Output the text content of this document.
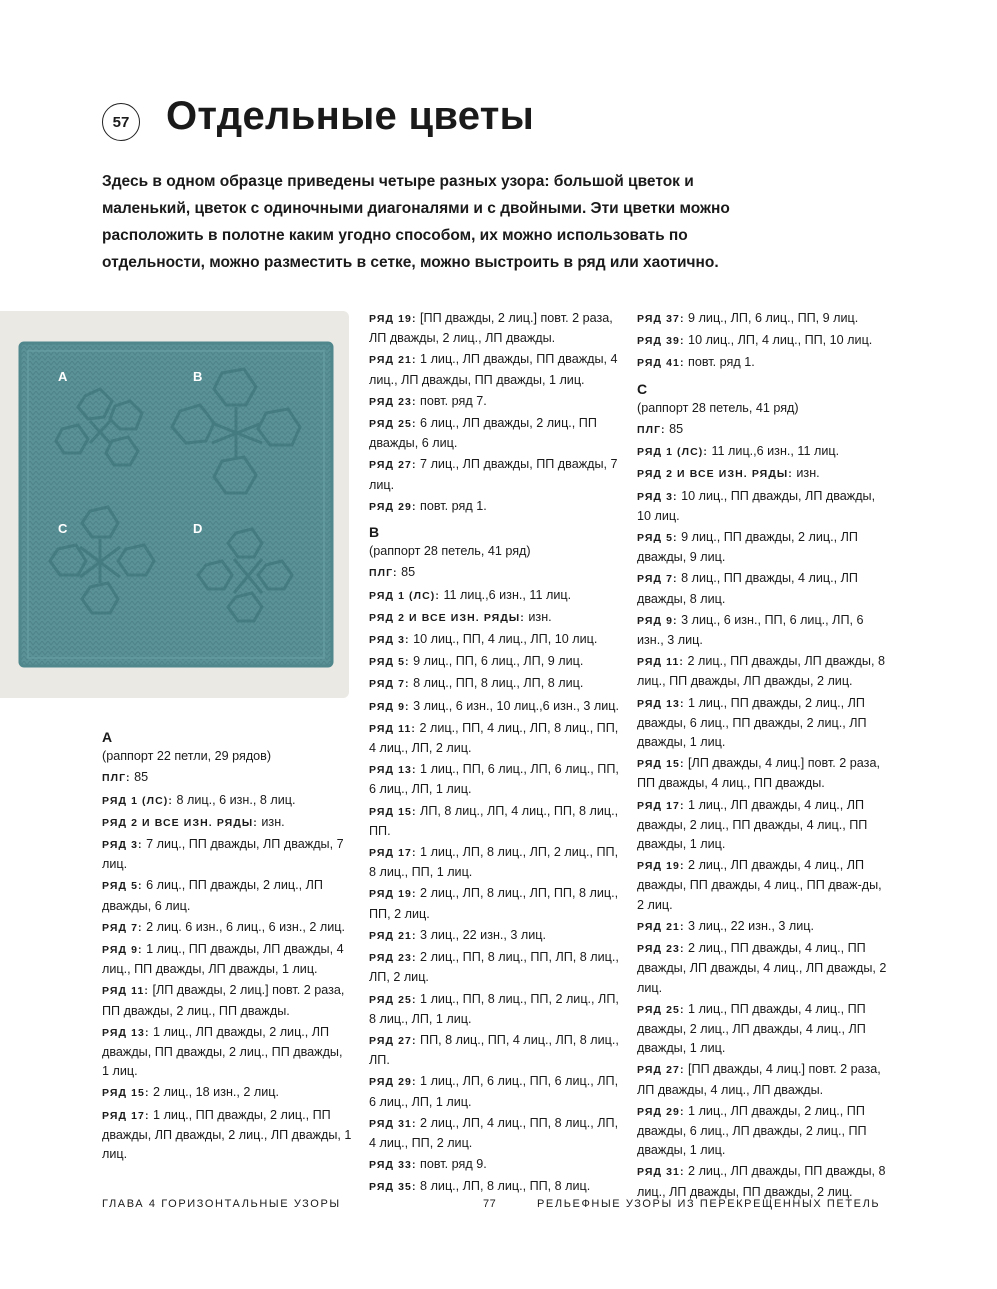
57 Отдельные цветы

Здесь в одном образце приведены четыре разных узора: большой цветок и маленький, цветок с одиночными диагоналями и с двойными. Эти цветки можно расположить в полотне каким угодно способом, их можно использовать по отдельности, можно разместить в сетке, можно выстроить в ряд или хаотично.

A	B
C	D

A

(раппорт 22 петли, 29 рядов)

ПЛГ: 85

РЯД 1 (ЛС): 8 лиц., 6 изн., 8 лиц.

РЯД 2 И ВСЕ ИЗН. РЯДЫ: изн.

РЯД 3: 7 лиц., ПП дважды, ЛП дважды, 7 лиц.

РЯД 5: 6 лиц., ПП дважды, 2 лиц., ЛП дважды, 6 лиц.

РЯД 7: 2 лиц. 6 изн., 6 лиц., 6 изн., 2 лиц.

РЯД 9: 1 лиц., ПП дважды, ЛП дважды, 4 лиц., ПП дважды, ЛП дважды, 1 лиц.

РЯД 11: [ЛП дважды, 2 лиц.] повт. 2 раза, ПП дважды, 2 лиц., ПП дважды.

РЯД 13: 1 лиц., ЛП дважды, 2 лиц., ЛП дважды, ПП дважды, 2 лиц., ПП дважды, 1 лиц.

РЯД 15: 2 лиц., 18 изн., 2 лиц.

РЯД 17: 1 лиц., ПП дважды, 2 лиц., ПП дважды, ЛП дважды, 2 лиц., ЛП дважды, 1 лиц.

РЯД 19: [ПП дважды, 2 лиц.] повт. 2 раза, ЛП дважды, 2 лиц., ЛП дважды.

РЯД 21: 1 лиц., ЛП дважды, ПП дважды, 4 лиц., ЛП дважды, ПП дважды, 1 лиц.

РЯД 23: повт. ряд 7.

РЯД 25: 6 лиц., ЛП дважды, 2 лиц., ПП дважды, 6 лиц.

РЯД 27: 7 лиц., ЛП дважды, ПП дважды, 7 лиц.

РЯД 29: повт. ряд 1.

B

(раппорт 28 петель, 41 ряд)

ПЛГ: 85

РЯД 1 (ЛС): 11 лиц.,6 изн., 11 лиц.

РЯД 2 И ВСЕ ИЗН. РЯДЫ: изн.

РЯД 3: 10 лиц., ПП, 4 лиц., ЛП, 10 лиц.

РЯД 5: 9 лиц., ПП, 6 лиц., ЛП, 9 лиц.

РЯД 7: 8 лиц., ПП, 8 лиц., ЛП, 8 лиц.

РЯД 9: 3 лиц., 6 изн., 10 лиц.,6 изн., 3 лиц.

РЯД 11: 2 лиц., ПП, 4 лиц., ЛП, 8 лиц., ПП, 4 лиц., ЛП, 2 лиц.

РЯД 13: 1 лиц., ПП, 6 лиц., ЛП, 6 лиц., ПП, 6 лиц., ЛП, 1 лиц.

РЯД 15: ЛП, 8 лиц., ЛП, 4 лиц., ПП, 8 лиц., ПП.

РЯД 17: 1 лиц., ЛП, 8 лиц., ЛП, 2 лиц., ПП, 8 лиц., ПП, 1 лиц.

РЯД 19: 2 лиц., ЛП, 8 лиц., ЛП, ПП, 8 лиц., ПП, 2 лиц.

РЯД 21: 3 лиц., 22 изн., 3 лиц.

РЯД 23: 2 лиц., ПП, 8 лиц., ПП, ЛП, 8 лиц., ЛП, 2 лиц.

РЯД 25: 1 лиц., ПП, 8 лиц., ПП, 2 лиц., ЛП, 8 лиц., ЛП, 1 лиц.

РЯД 27: ПП, 8 лиц., ПП, 4 лиц., ЛП, 8 лиц., ЛП.

РЯД 29: 1 лиц., ЛП, 6 лиц., ПП, 6 лиц., ЛП, 6 лиц., ЛП, 1 лиц.

РЯД 31: 2 лиц., ЛП, 4 лиц., ПП, 8 лиц., ЛП, 4 лиц., ПП, 2 лиц.

РЯД 33: повт. ряд 9.

РЯД 35: 8 лиц., ЛП, 8 лиц., ПП, 8 лиц.

РЯД 37: 9 лиц., ЛП, 6 лиц., ПП, 9 лиц.

РЯД 39: 10 лиц., ЛП, 4 лиц., ПП, 10 лиц.

РЯД 41: повт. ряд 1.

C

(раппорт 28 петель, 41 ряд)

ПЛГ: 85

РЯД 1 (ЛС): 11 лиц.,6 изн., 11 лиц.

РЯД 2 И ВСЕ ИЗН. РЯДЫ: изн.

РЯД 3: 10 лиц., ПП дважды, ЛП дважды, 10 лиц.

РЯД 5: 9 лиц., ПП дважды, 2 лиц., ЛП дважды, 9 лиц.

РЯД 7: 8 лиц., ПП дважды, 4 лиц., ЛП дважды, 8 лиц.

РЯД 9: 3 лиц., 6 изн., ПП, 6 лиц., ЛП, 6 изн., 3 лиц.

РЯД 11: 2 лиц., ПП дважды, ЛП дважды, 8 лиц., ПП дважды, ЛП дважды, 2 лиц.

РЯД 13: 1 лиц., ПП дважды, 2 лиц., ЛП дважды, 6 лиц., ПП дважды, 2 лиц., ЛП дважды, 1 лиц.

РЯД 15: [ЛП дважды, 4 лиц.] повт. 2 раза, ПП дважды, 4 лиц., ПП дважды.

РЯД 17: 1 лиц., ЛП дважды, 4 лиц., ЛП дважды, 2 лиц., ПП дважды, 4 лиц., ПП дважды, 1 лиц.

РЯД 19: 2 лиц., ЛП дважды, 4 лиц., ЛП дважды, ПП дважды, 4 лиц., ПП дваж-ды, 2 лиц.

РЯД 21: 3 лиц., 22 изн., 3 лиц.

РЯД 23: 2 лиц., ПП дважды, 4 лиц., ПП дважды, ЛП дважды, 4 лиц., ЛП дважды, 2 лиц.

РЯД 25: 1 лиц., ПП дважды, 4 лиц., ПП дважды, 2 лиц., ЛП дважды, 4 лиц., ЛП дважды, 1 лиц.

РЯД 27: [ПП дважды, 4 лиц.] повт. 2 раза, ЛП дважды, 4 лиц., ЛП дважды.

РЯД 29: 1 лиц., ЛП дважды, 2 лиц., ПП дважды, 6 лиц., ЛП дважды, 2 лиц., ПП дважды, 1 лиц.

РЯД 31: 2 лиц., ЛП дважды, ПП дважды, 8 лиц., ЛП дважды, ПП дважды, 2 лиц.

ГЛАВА 4 ГОРИЗОНТАЛЬНЫЕ УЗОРЫ	77	РЕЛЬЕФНЫЕ УЗОРЫ ИЗ ПЕРЕКРЕЩЕННЫХ ПЕТЕЛЬ
